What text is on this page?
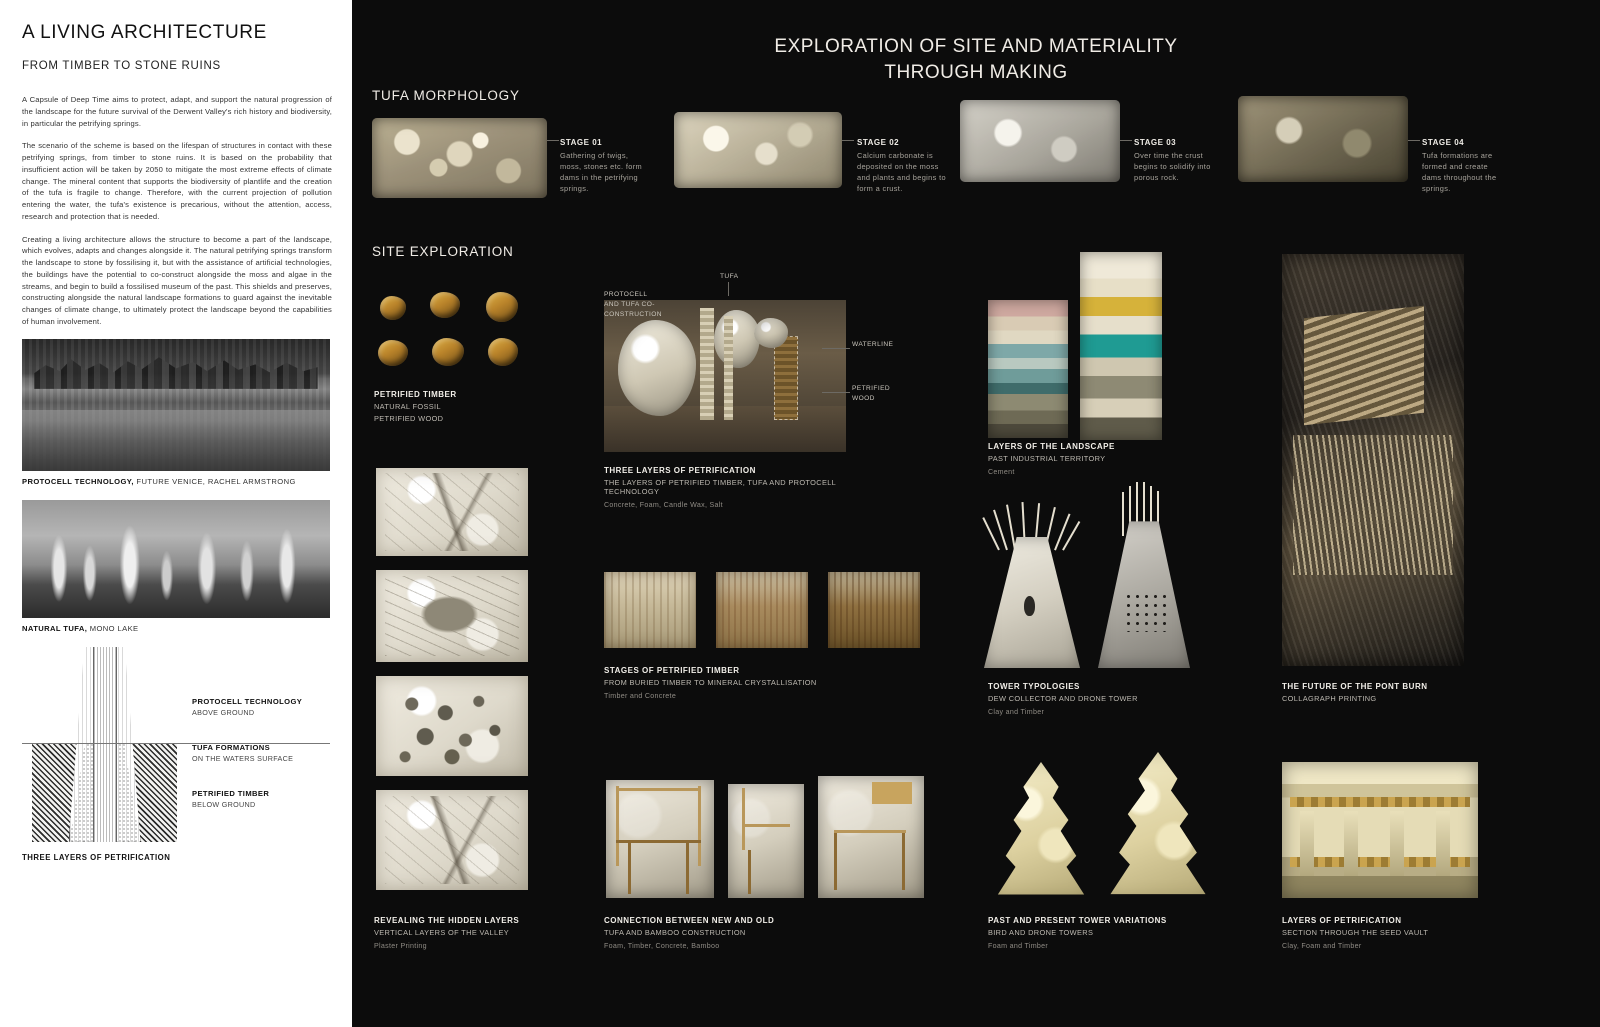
A LIVING ARCHITECTURE
FROM TIMBER TO STONE RUINS

A Capsule of Deep Time aims to protect, adapt, and support the natural progression of the landscape for the future survival of the Derwent Valley's rich history and biodiversity, in particular the petrifying springs.

The scenario of the scheme is based on the lifespan of structures in contact with these petrifying springs, from timber to stone ruins. It is based on the probability that insufficient action will be taken by 2050 to mitigate the most extreme effects of climate change. The mineral content that supports the biodiversity of plantlife and the creation of the tufa is fragile to change. Therefore, with the current projection of pollution entering the water, the tufa's existence is precarious, without the attention, access, research and protection that is needed.

Creating a living architecture allows the structure to become a part of the landscape, which evolves, adapts and changes alongside it. The natural petrifying springs transform the landscape to stone by fossilising it, but with the assistance of artificial technologies, the buildings have the potential to co-construct alongside the moss and algae in the streams, and begin to build a fossilised museum of the past. This shields and preserves, constructing alongside the natural landscape formations to guard against the inevitable changes of climate change, to ultimately protect the landscape beyond the capabilities of human involvement.

PROTOCELL TECHNOLOGY, FUTURE VENICE, RACHEL ARMSTRONG
NATURAL TUFA, MONO LAKE

PROTOCELL TECHNOLOGY

ABOVE GROUND

TUFA FORMATIONS

ON THE WATERS SURFACE

PETRIFIED TIMBER

BELOW GROUND

THREE LAYERS OF PETRIFICATION
EXPLORATION OF SITE AND MATERIALITY
THROUGH MAKING
TUFA MORPHOLOGY
SITE EXPLORATION

STAGE 01

Gathering of twigs, moss, stones etc. form dams in the petrifying springs.

STAGE 02

Calcium carbonate is deposited on the moss and plants and begins to form a crust.

STAGE 03

Over time the crust begins to solidify into porous rock.

STAGE 04

Tufa formations are formed and create dams throughout the springs.

PETRIFIED TIMBER

NATURAL FOSSIL

PETRIFIED WOOD

REVEALING THE HIDDEN LAYERS

VERTICAL LAYERS OF THE VALLEY

Plaster Printing

PROTOCELL
AND TUFA CO-
CONSTRUCTION
TUFA
WATERLINE
PETRIFIED
WOOD

THREE LAYERS OF PETRIFICATION

THE LAYERS OF PETRIFIED TIMBER, TUFA AND PROTOCELL TECHNOLOGY

Concrete, Foam, Candle Wax, Salt

STAGES OF PETRIFIED TIMBER

FROM BURIED TIMBER TO MINERAL CRYSTALLISATION

Timber and Concrete

CONNECTION BETWEEN NEW AND OLD

TUFA AND BAMBOO CONSTRUCTION

Foam, Timber, Concrete, Bamboo

LAYERS OF THE LANDSCAPE

PAST INDUSTRIAL TERRITORY

Cement

TOWER TYPOLOGIES

DEW COLLECTOR AND DRONE TOWER

Clay and Timber

PAST AND PRESENT TOWER VARIATIONS

BIRD AND DRONE TOWERS

Foam and Timber

THE FUTURE OF THE PONT BURN

COLLAGRAPH PRINTING

LAYERS OF PETRIFICATION

SECTION THROUGH THE SEED VAULT

Clay, Foam and Timber
